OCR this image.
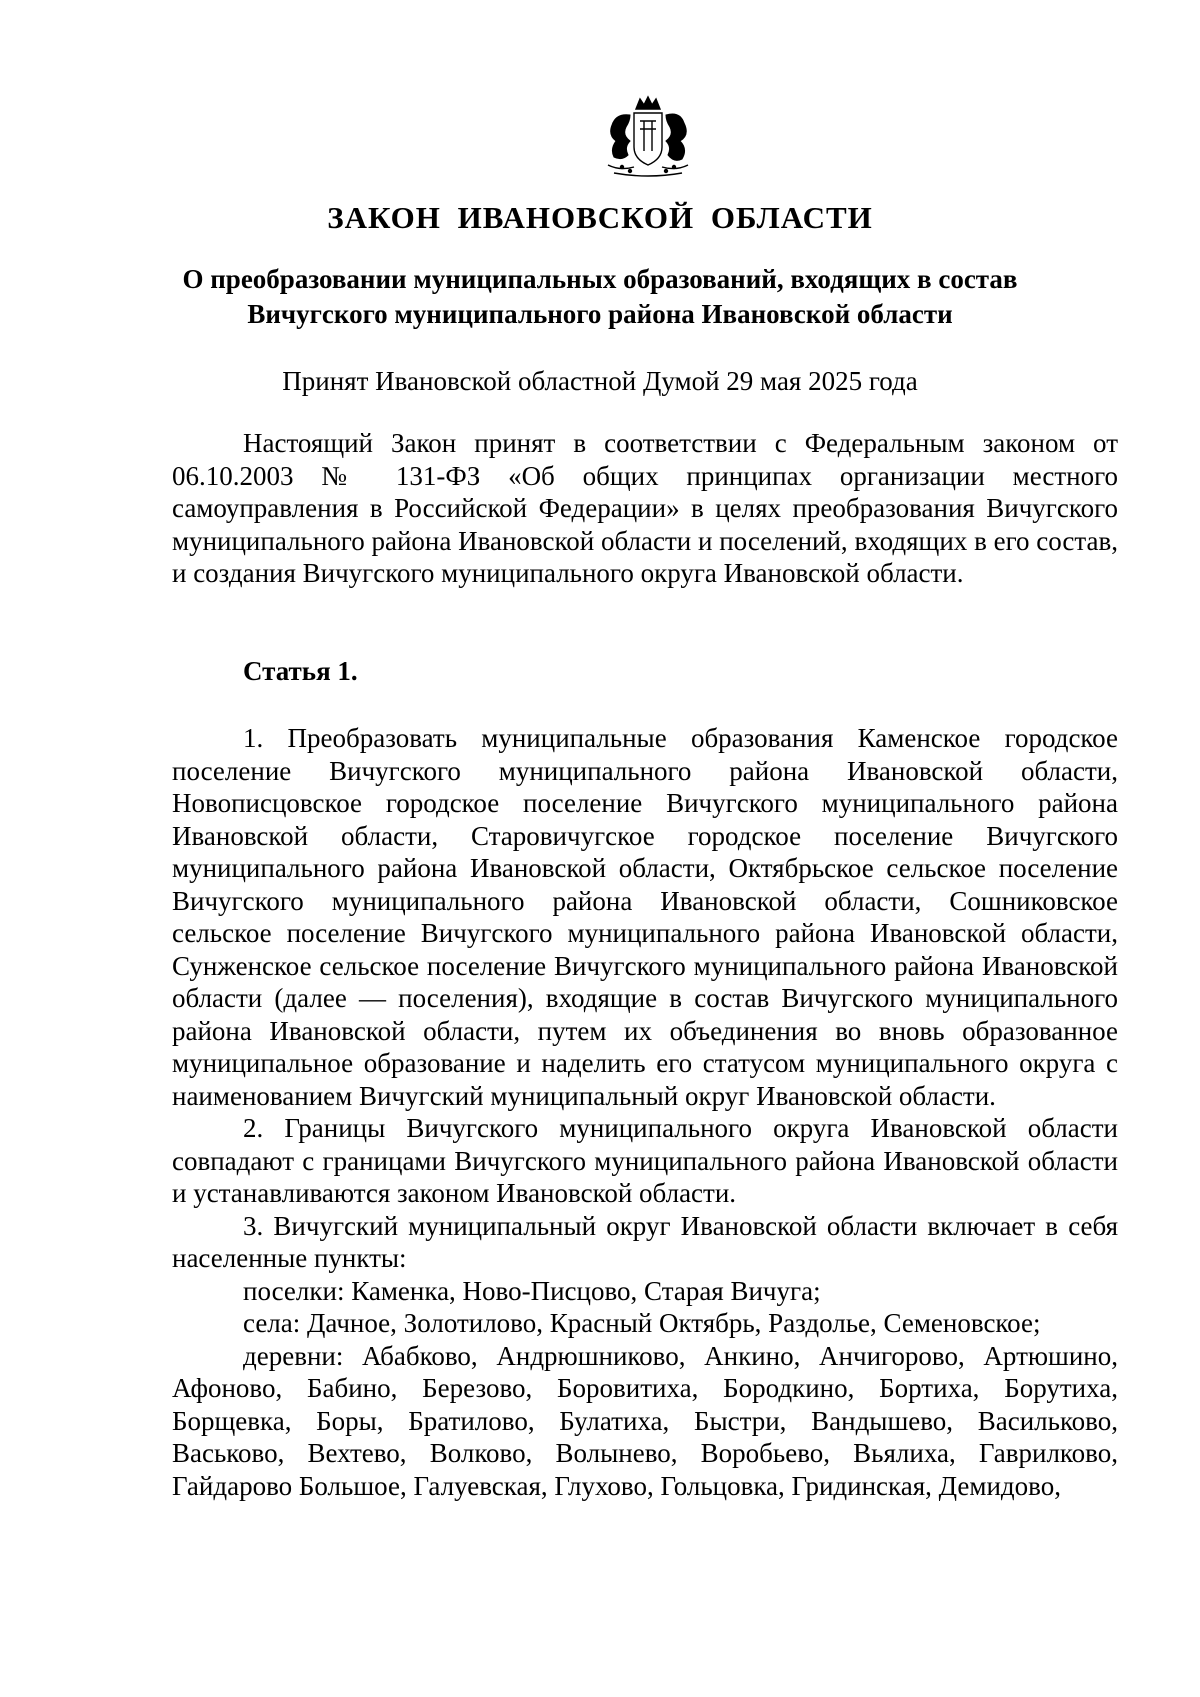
ЗАКОН ИВАНОВСКОЙ ОБЛАСТИ
О преобразовании муниципальных образований, входящих в состав
Вичугского муниципального района Ивановской области

Принят Ивановской областной Думой 29 мая 2025 года

Настоящий Закон принят в соответствии с Федеральным законом от 06.10.2003 № 131-ФЗ «Об общих принципах организации местного самоуправления в Российской Федерации» в целях преобразования Вичугского муниципального района Ивановской области и поселений, входящих в его состав, и создания Вичугского муниципального округа Ивановской области.

Статья 1.

1. Преобразовать муниципальные образования Каменское городское поселение Вичугского муниципального района Ивановской области, Новописцовское городское поселение Вичугского муниципального района Ивановской области, Старовичугское городское поселение Вичугского муниципального района Ивановской области, Октябрьское сельское поселение Вичугского муниципального района Ивановской области, Сошниковское сельское поселение Вичугского муниципального района Ивановской области, Сунженское сельское поселение Вичугского муниципального района Ивановской области (далее — поселения), входящие в состав Вичугского муниципального района Ивановской области, путем их объединения во вновь образованное муниципальное образование и наделить его статусом муниципального округа с наименованием Вичугский муниципальный округ Ивановской области.

2. Границы Вичугского муниципального округа Ивановской области совпадают с границами Вичугского муниципального района Ивановской области и устанавливаются законом Ивановской области.

3. Вичугский муниципальный округ Ивановской области включает в себя населенные пункты:

поселки: Каменка, Ново-Писцово, Старая Вичуга;

села: Дачное, Золотилово, Красный Октябрь, Раздолье, Семеновское;

деревни: Абабково, Андрюшниково, Анкино, Анчигорово, Артюшино, Афоново, Бабино, Березово, Боровитиха, Бородкино, Бортиха, Борутиха, Борщевка, Боры, Братилово, Булатиха, Быстри, Вандышево, Васильково, Васьково, Вехтево, Волково, Волынево, Воробьево, Вьялиха, Гаврилково, Гайдарово Большое, Галуевская, Глухово, Гольцовка, Гридинская, Демидово,
